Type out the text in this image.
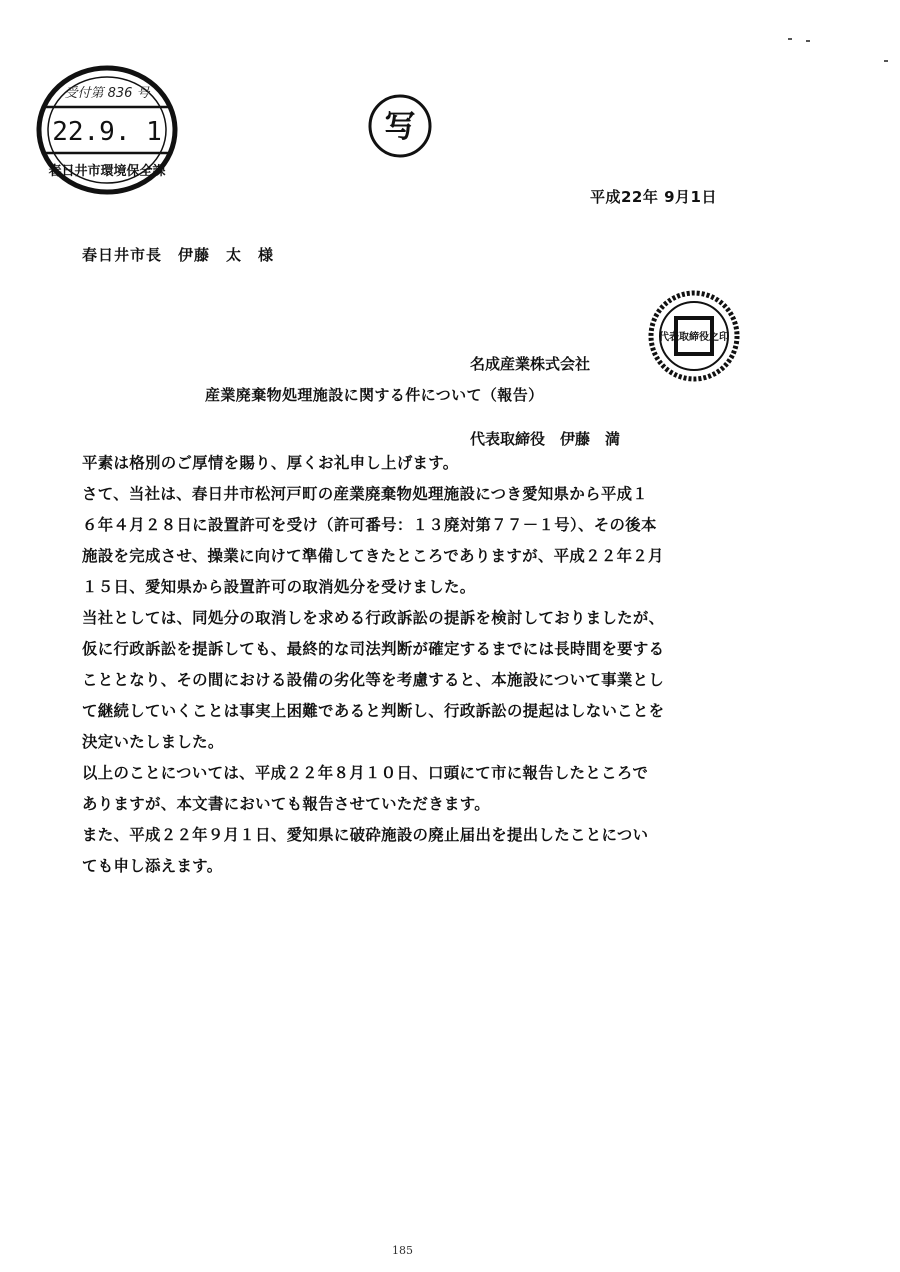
受付第 836 号
22.9. 1
春日井市環境保全課
写
平成22年 9月1日
春日井市長　伊藤　太　様

名成産業株式会社

代表取締役　伊藤　満

代表取締役之印
産業廃棄物処理施設に関する件について（報告）

平素は格別のご厚情を賜り、厚くお礼申し上げます。

さて、当社は、春日井市松河戸町の産業廃棄物処理施設につき愛知県から平成１
６年４月２８日に設置許可を受け（許可番号：１３廃対第７７－１号）、その後本
施設を完成させ、操業に向けて準備してきたところでありますが、平成２２年２月
１５日、愛知県から設置許可の取消処分を受けました。

当社としては、同処分の取消しを求める行政訴訟の提訴を検討しておりましたが、
仮に行政訴訟を提訴しても、最終的な司法判断が確定するまでには長時間を要する
こととなり、その間における設備の劣化等を考慮すると、本施設について事業とし
て継続していくことは事実上困難であると判断し、行政訴訟の提起はしないことを
決定いたしました。

以上のことについては、平成２２年８月１０日、口頭にて市に報告したところで
ありますが、本文書においても報告させていただきます。

また、平成２２年９月１日、愛知県に破砕施設の廃止届出を提出したことについ
ても申し添えます。

185
